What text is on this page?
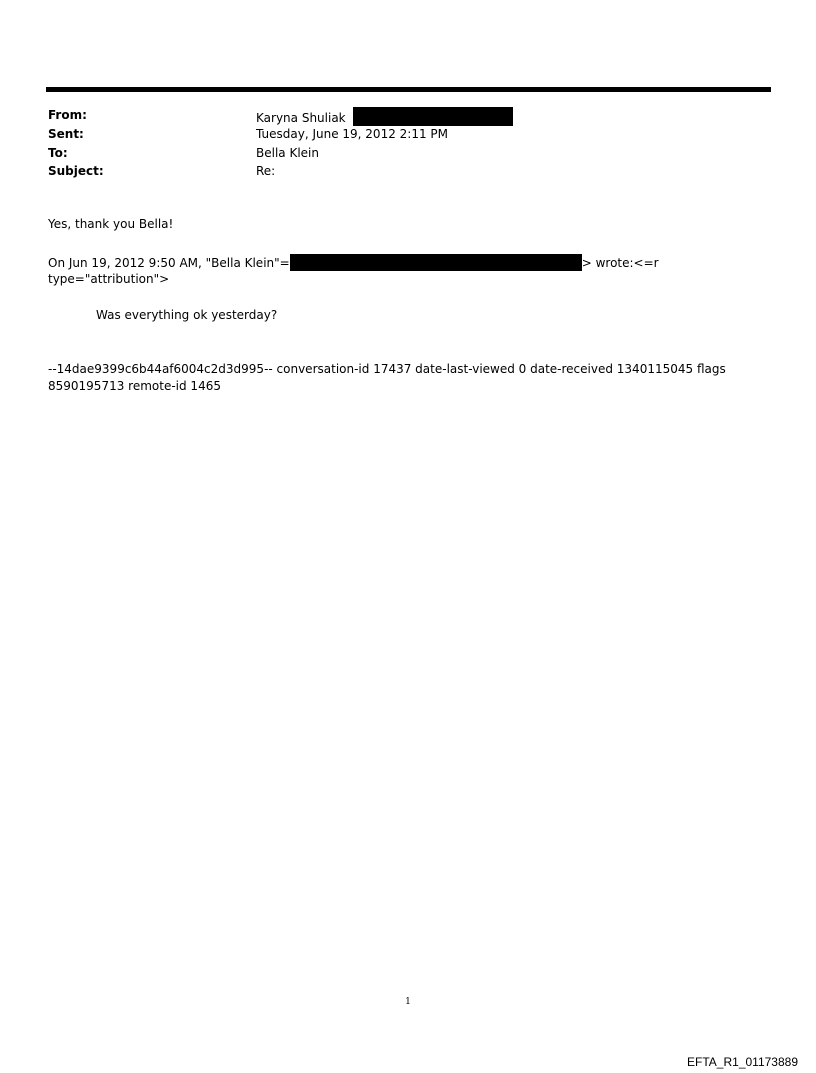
From:	Karyna Shuliak
Sent:	Tuesday, June 19, 2012 2:11 PM
To:	Bella Klein
Subject:	Re:
Yes, thank you Bella!
On Jun 19, 2012 9:50 AM, "Bella Klein"=	> wrote:<=r
type="attribution">
Was everything ok yesterday?
--14dae9399c6b44af6004c2d3d995-- conversation-id 17437 date-last-viewed 0 date-received 1340115045 flags
8590195713 remote-id 1465
1
EFTA_R1_01173889
